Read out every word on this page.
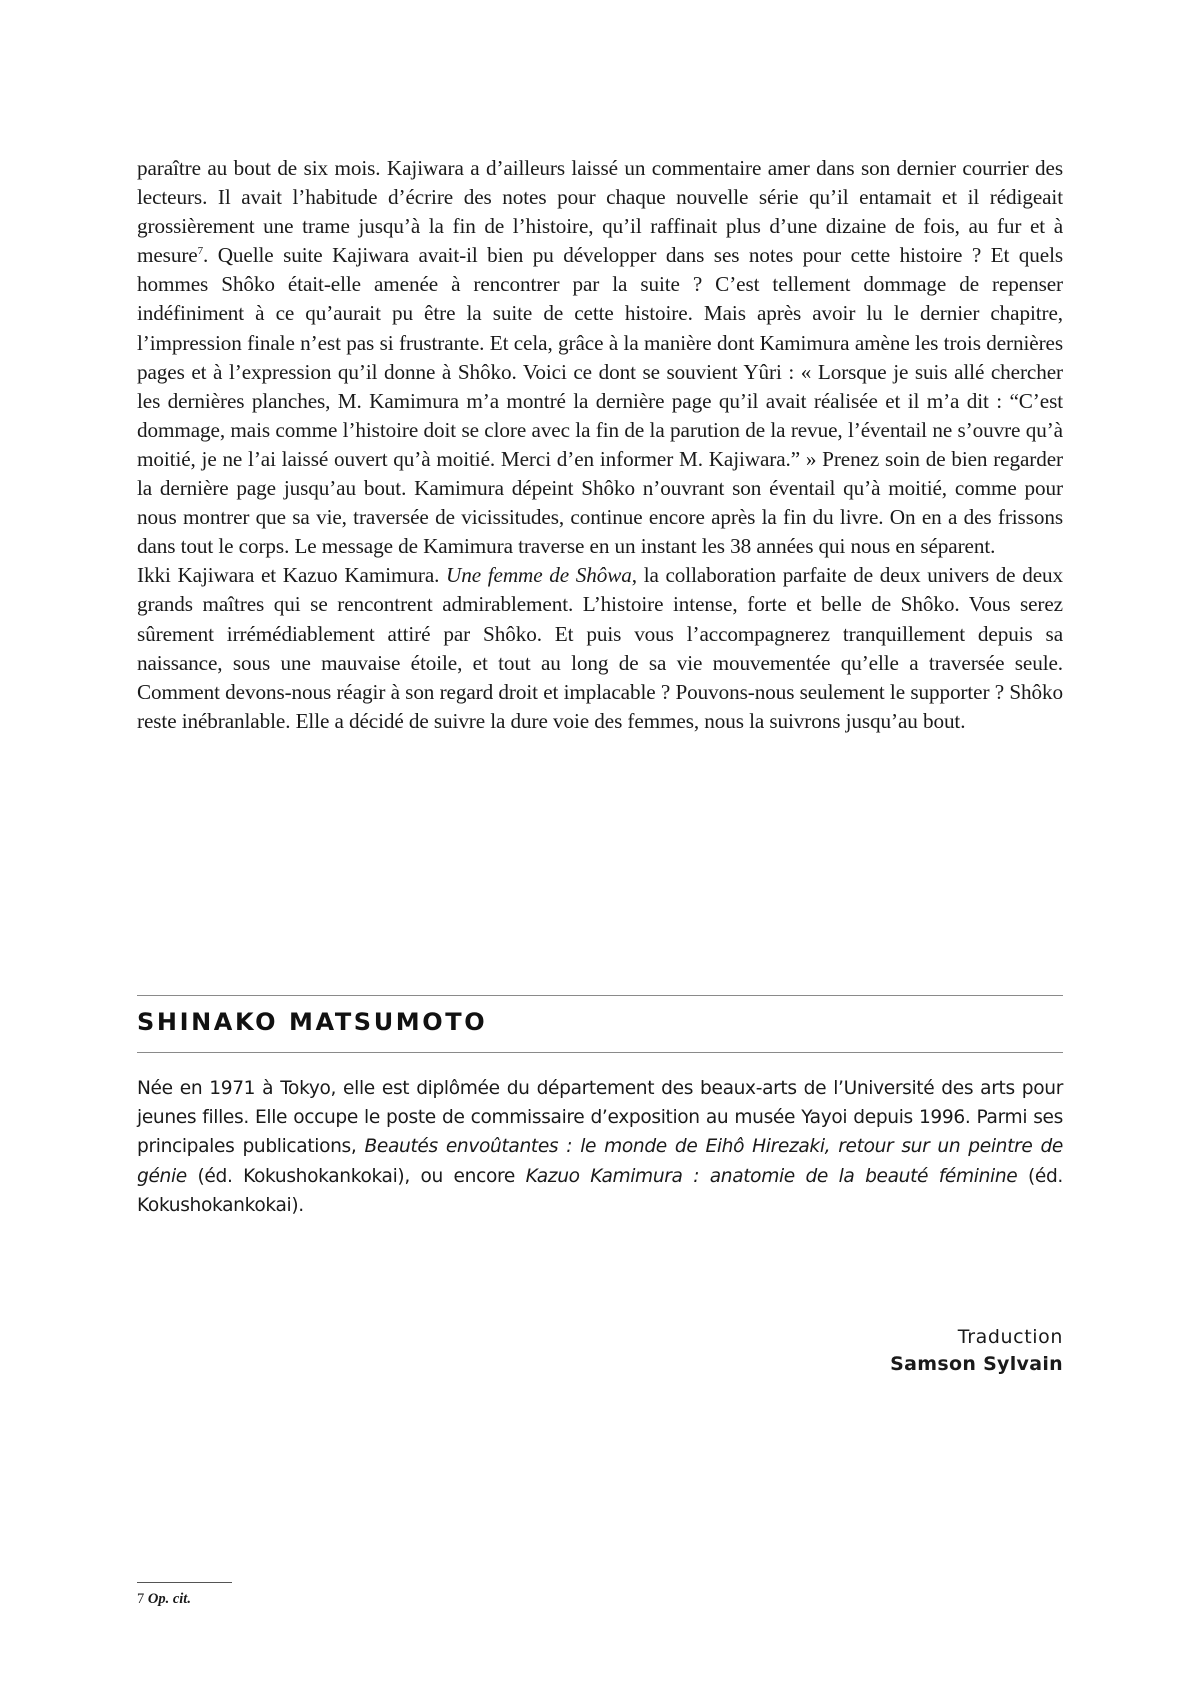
paraître au bout de six mois. Kajiwara a d’ailleurs laissé un commentaire amer dans son dernier courrier des lecteurs. Il avait l’habitude d’écrire des notes pour chaque nouvelle série qu’il entamait et il rédigeait grossièrement une trame jusqu’à la fin de l’histoire, qu’il raffinait plus d’une dizaine de fois, au fur et à mesure$^7$. Quelle suite Kajiwara avait-il bien pu développer dans ses notes pour cette histoire ? Et quels hommes Shôko était-elle amenée à rencontrer par la suite ? C’est tellement dommage de repenser indéfiniment à ce qu’aurait pu être la suite de cette histoire. Mais après avoir lu le dernier chapitre, l’impression finale n’est pas si frustrante. Et cela, grâce à la manière dont Kamimura amène les trois dernières pages et à l’expression qu’il donne à Shôko. Voici ce dont se souvient Yûri : « Lorsque je suis allé chercher les dernières planches, M. Kamimura m’a montré la dernière page qu’il avait réalisée et il m’a dit : “C’est dommage, mais comme l’histoire doit se clore avec la fin de la parution de la revue, l’éventail ne s’ouvre qu’à moitié, je ne l’ai laissé ouvert qu’à moitié. Merci d’en informer M. Kajiwara.” » Prenez soin de bien regarder la dernière page jusqu’au bout. Kamimura dépeint Shôko n’ouvrant son éventail qu’à moitié, comme pour nous montrer que sa vie, traversée de vicissitudes, continue encore après la fin du livre. On en a des frissons dans tout le corps. Le message de Kamimura traverse en un instant les 38 années qui nous en séparent.

Ikki Kajiwara et Kazuo Kamimura. Une femme de Shôwa, la collaboration parfaite de deux univers de deux grands maîtres qui se rencontrent admirablement. L’histoire intense, forte et belle de Shôko. Vous serez sûrement irrémédiablement attiré par Shôko. Et puis vous l’accompagnerez tranquillement depuis sa naissance, sous une mauvaise étoile, et tout au long de sa vie mouvementée qu’elle a traversée seule. Comment devons-nous réagir à son regard droit et implacable ? Pouvons-nous seulement le supporter ? Shôko reste inébranlable. Elle a décidé de suivre la dure voie des femmes, nous la suivrons jusqu’au bout.

SHINAKO MATSUMOTO

Née en 1971 à Tokyo, elle est diplômée du département des beaux-arts de l’Université des arts pour jeunes filles. Elle occupe le poste de commissaire d’exposition au musée Yayoi depuis 1996. Parmi ses principales publications, Beautés envoûtantes : le monde de Eihô Hirezaki, retour sur un peintre de génie (éd. Kokushokankokai), ou encore Kazuo Kamimura : anatomie de la beauté féminine (éd. Kokushokankokai).

Traduction
Samson Sylvain
7 Op. cit.
